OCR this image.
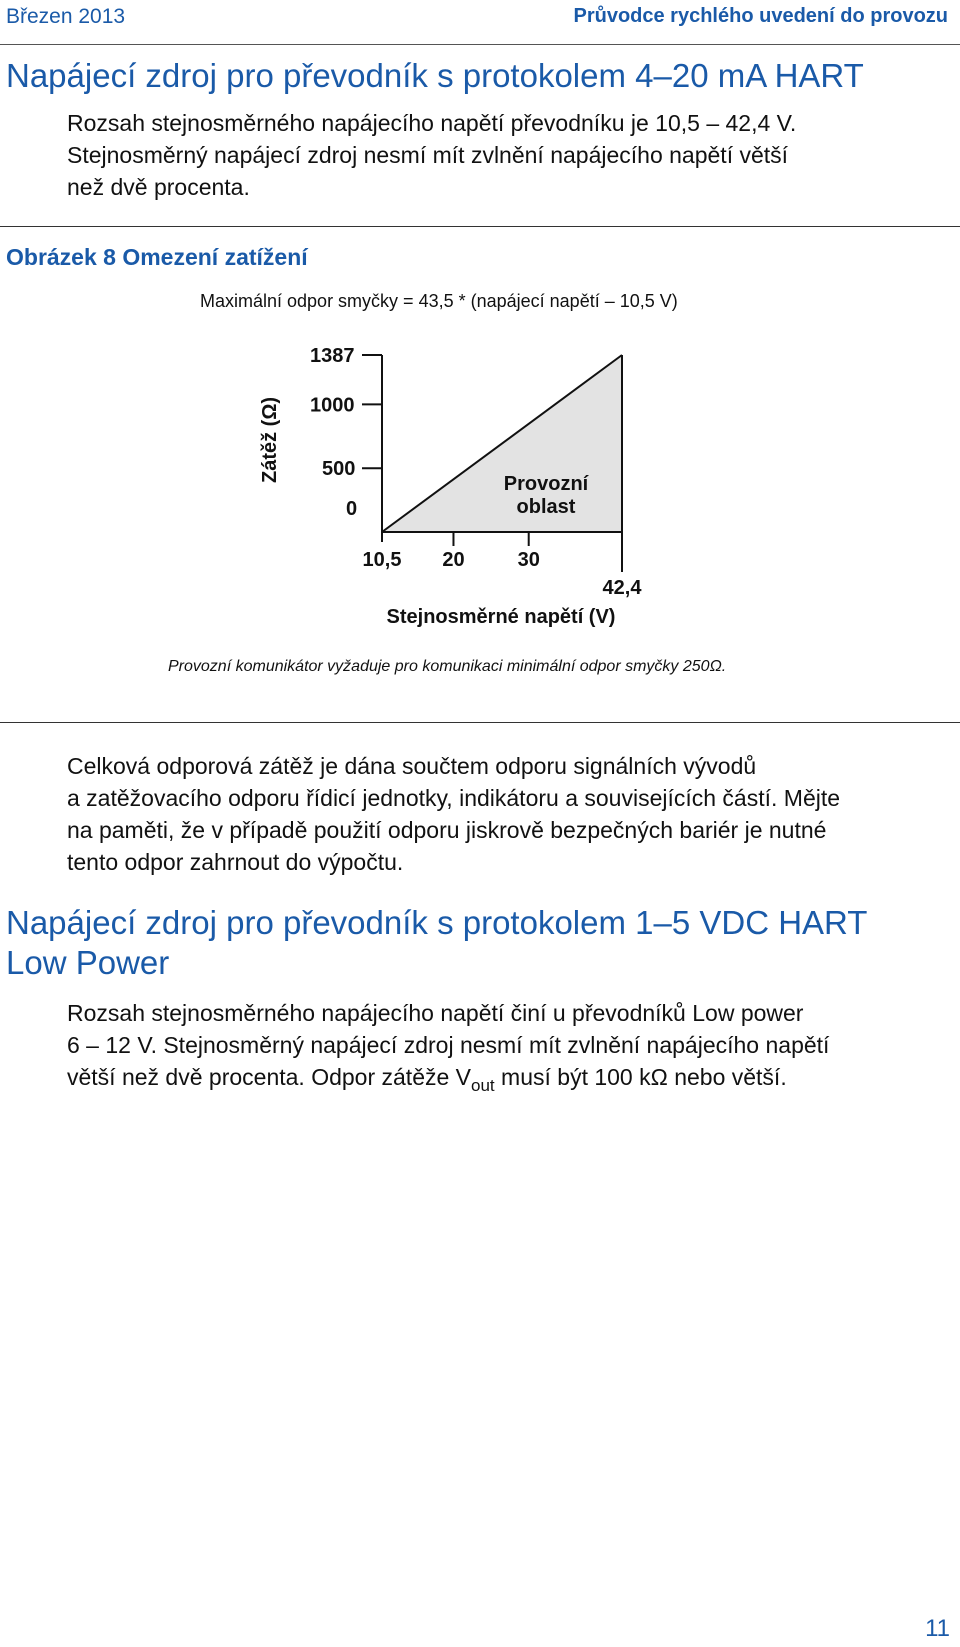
Březen 2013	Průvodce rychlého uvedení do provozu
Napájecí zdroj pro převodník s protokolem 4–20 mA HART
Rozsah stejnosměrného napájecího napětí převodníku je 10,5 – 42,4 V.
Stejnosměrný napájecí zdroj nesmí mít zvlnění napájecího napětí větší
než dvě procenta.
Obrázek 8 Omezení zatížení
Maximální odpor smyčky = 43,5 * (napájecí napětí – 10,5 V)
0
500
1000
1387
10,5 20	30
42,4
Stejnosměrné napětí (V)
Zátěž (Ω)
Provozní
oblast
Provozní komunikátor vyžaduje pro komunikaci minimální odpor smyčky 250Ω.
Celková odporová zátěž je dána součtem odporu signálních vývodů
a zatěžovacího odporu řídicí jednotky, indikátoru a souvisejících částí. Mějte
na paměti, že v případě použití odporu jiskrově bezpečných bariér je nutné
tento odpor zahrnout do výpočtu.
Napájecí zdroj pro převodník s protokolem 1–5 VDC HART
Low Power
Rozsah stejnosměrného napájecího napětí činí u převodníků Low power
6 – 12 V. Stejnosměrný napájecí zdroj nesmí mít zvlnění napájecího napětí
větší než dvě procenta. Odpor zátěže $V_{out}$ musí být 100 kΩ nebo větší.
11
